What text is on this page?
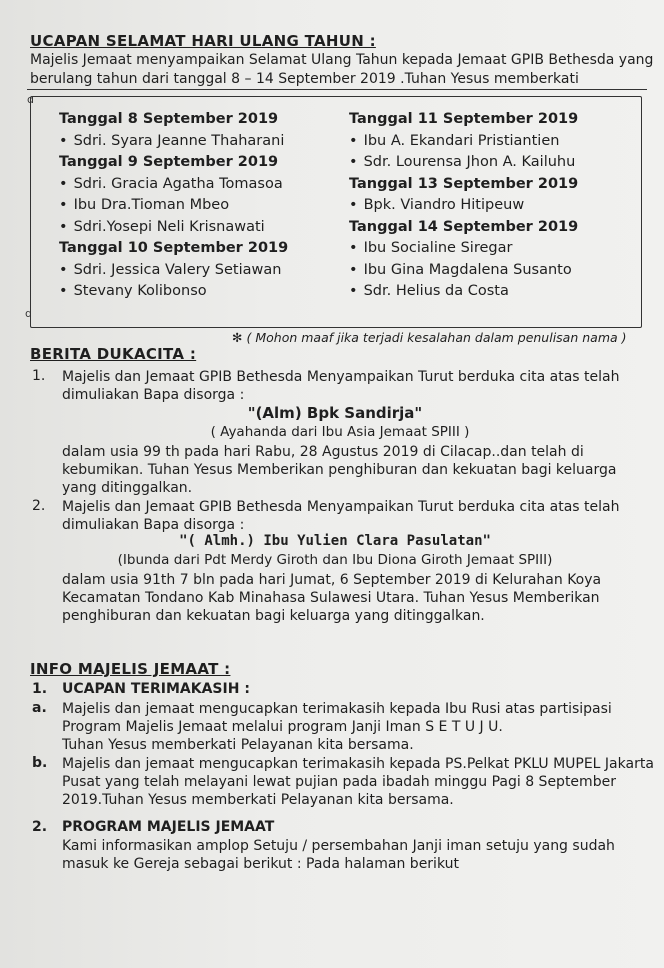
UCAPAN SELAMAT HARI ULANG TAHUN :
Majelis Jemaat menyampaikan Selamat Ulang Tahun kepada Jemaat GPIB Bethesda yang
berulang tahun dari tanggal 8 – 14 September 2019 .Tuhan Yesus memberkati
ɑ
ɑ
Tanggal 8 September 2019
• Sdri. Syara Jeanne Thaharani
Tanggal 9 September 2019
• Sdri. Gracia Agatha Tomasoa
• Ibu Dra.Tioman Mbeo
• Sdri.Yosepi Neli Krisnawati
Tanggal 10 September 2019
• Sdri. Jessica Valery Setiawan
• Stevany Kolibonso
Tanggal 11 September 2019
• Ibu A. Ekandari Pristiantien
• Sdr. Lourensa Jhon A. Kailuhu
Tanggal 13 September 2019
• Bpk. Viandro Hitipeuw
Tanggal 14 September 2019
• Ibu Socialine Siregar
• Ibu Gina Magdalena Susanto
• Sdr. Helius da Costa
✻ ( Mohon maaf jika terjadi kesalahan dalam penulisan nama )
BERITA DUKACITA :
1.	Majelis dan Jemaat GPIB Bethesda Menyampaikan Turut berduka cita atas telah
dimuliakan Bapa disorga :
"(Alm) Bpk Sandirja"
( Ayahanda dari Ibu Asia Jemaat SPIII )
dalam usia 99 th pada hari Rabu, 28 Agustus 2019 di Cilacap..dan telah di
kebumikan. Tuhan Yesus Memberikan penghiburan dan kekuatan bagi keluarga
yang ditinggalkan.
2.	Majelis dan Jemaat GPIB Bethesda Menyampaikan Turut berduka cita atas telah
dimuliakan Bapa disorga :
"( Almh.) Ibu Yulien Clara Pasulatan"
(Ibunda dari Pdt Merdy Giroth dan Ibu Diona Giroth Jemaat SPIII)
dalam usia 91th 7 bln pada hari Jumat, 6 September 2019 di Kelurahan Koya
Kecamatan Tondano Kab Minahasa Sulawesi Utara. Tuhan Yesus Memberikan
penghiburan dan kekuatan bagi keluarga yang ditinggalkan.
INFO MAJELIS JEMAAT :
1.	UCAPAN TERIMAKASIH :
a.	Majelis dan jemaat mengucapkan terimakasih kepada Ibu Rusi atas partisipasi
Program Majelis Jemaat melalui program Janji Iman S E T U J U.
Tuhan Yesus memberkati Pelayanan kita bersama.
b.	Majelis dan jemaat mengucapkan terimakasih kepada PS.Pelkat PKLU MUPEL Jakarta
Pusat yang telah melayani lewat pujian pada ibadah minggu Pagi 8 September
2019.Tuhan Yesus memberkati Pelayanan kita bersama.
2.	PROGRAM MAJELIS JEMAAT
Kami informasikan amplop Setuju / persembahan Janji iman setuju yang sudah
masuk ke Gereja sebagai berikut : Pada halaman berikut
